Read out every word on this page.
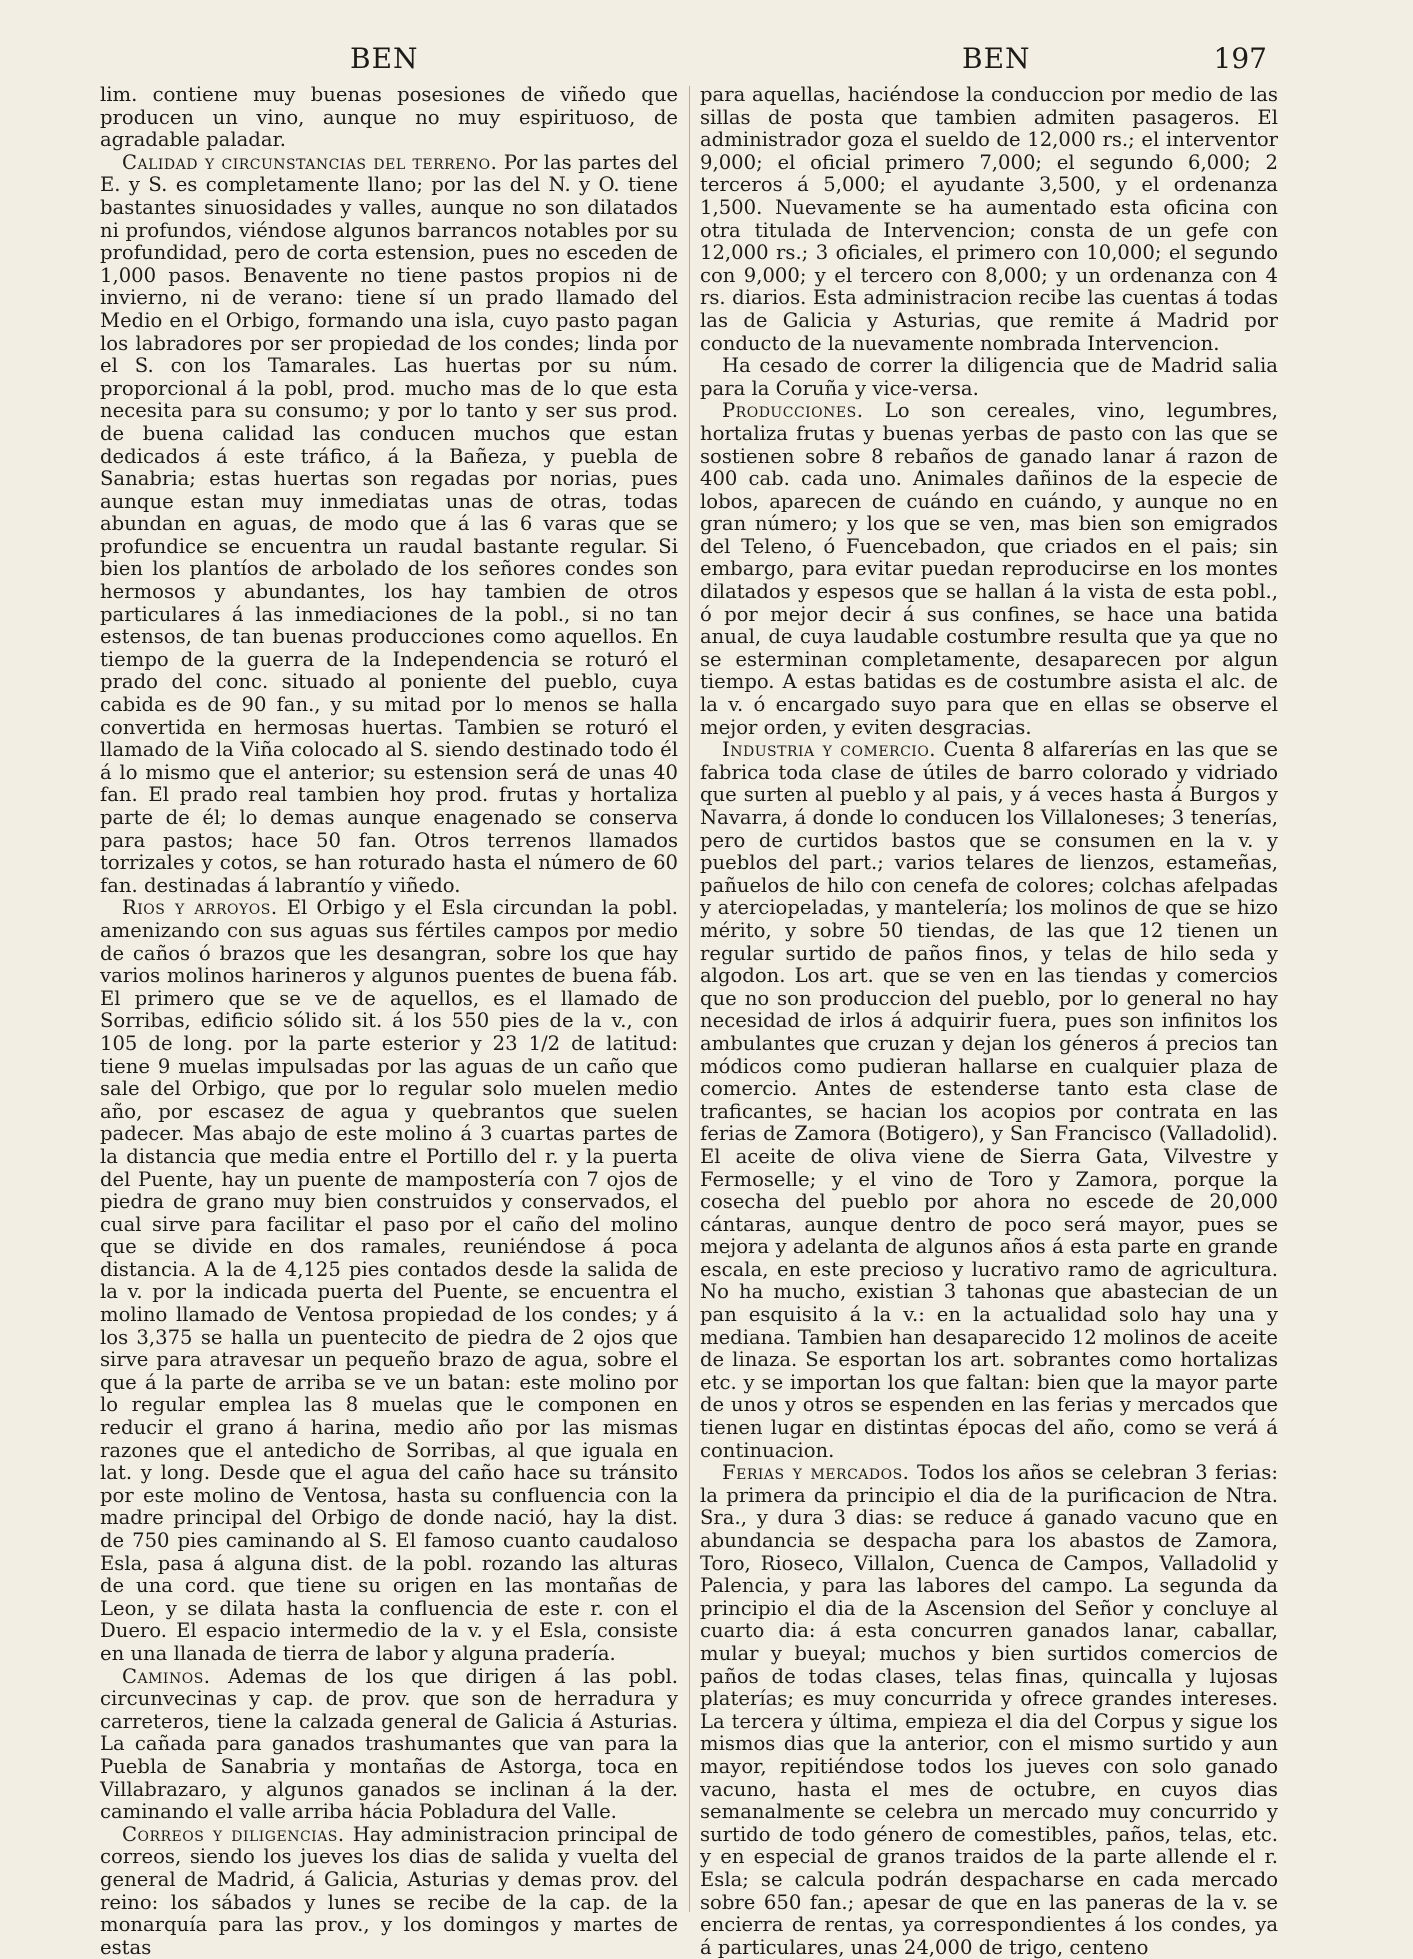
BEN	BEN	197

lim. contiene muy buenas posesiones de viñedo que producen un vino, aunque no muy espirituoso, de agradable paladar.

Calidad y circunstancias del terreno. Por las partes del E. y S. es completamente llano; por las del N. y O. tiene bastantes sinuosidades y valles, aunque no son dilatados ni profundos, viéndose algunos barrancos notables por su profundidad, pero de corta estension, pues no esceden de 1,000 pasos. Benavente no tiene pastos propios ni de invierno, ni de verano: tiene sí un prado llamado del Medio en el Orbigo, formando una isla, cuyo pasto pagan los labradores por ser propiedad de los condes; linda por el S. con los Tamarales. Las huertas por su núm. proporcional á la pobl, prod. mucho mas de lo que esta necesita para su consumo; y por lo tanto y ser sus prod. de buena calidad las conducen muchos que estan dedicados á este tráfico, á la Bañeza, y puebla de Sanabria; estas huertas son regadas por norias, pues aunque estan muy inmediatas unas de otras, todas abundan en aguas, de modo que á las 6 varas que se profundice se encuentra un raudal bastante regular. Si bien los plantíos de arbolado de los señores condes son hermosos y abundantes, los hay tambien de otros particulares á las inmediaciones de la pobl., si no tan estensos, de tan buenas producciones como aquellos. En tiempo de la guerra de la Independencia se roturó el prado del conc. situado al poniente del pueblo, cuya cabida es de 90 fan., y su mitad por lo menos se halla convertida en hermosas huertas. Tambien se roturó el llamado de la Viña colocado al S. siendo destinado todo él á lo mismo que el anterior; su estension será de unas 40 fan. El prado real tambien hoy prod. frutas y hortaliza parte de él; lo demas aunque enagenado se conserva para pastos; hace 50 fan. Otros terrenos llamados torrizales y cotos, se han roturado hasta el número de 60 fan. destinadas á labrantío y viñedo.

Rios y arroyos. El Orbigo y el Esla circundan la pobl. amenizando con sus aguas sus fértiles campos por medio de caños ó brazos que les desangran, sobre los que hay varios molinos harineros y algunos puentes de buena fáb. El primero que se ve de aquellos, es el llamado de Sorribas, edificio sólido sit. á los 550 pies de la v., con 105 de long. por la parte esterior y 23 1/2 de latitud: tiene 9 muelas impulsadas por las aguas de un caño que sale del Orbigo, que por lo regular solo muelen medio año, por escasez de agua y quebrantos que suelen padecer. Mas abajo de este molino á 3 cuartas partes de la distancia que media entre el Portillo del r. y la puerta del Puente, hay un puente de mampostería con 7 ojos de piedra de grano muy bien construidos y conservados, el cual sirve para facilitar el paso por el caño del molino que se divide en dos ramales, reuniéndose á poca distancia. A la de 4,125 pies contados desde la salida de la v. por la indicada puerta del Puente, se encuentra el molino llamado de Ventosa propiedad de los condes; y á los 3,375 se halla un puentecito de piedra de 2 ojos que sirve para atravesar un pequeño brazo de agua, sobre el que á la parte de arriba se ve un batan: este molino por lo regular emplea las 8 muelas que le componen en reducir el grano á harina, medio año por las mismas razones que el antedicho de Sorribas, al que iguala en lat. y long. Desde que el agua del caño hace su tránsito por este molino de Ventosa, hasta su confluencia con la madre principal del Orbigo de donde nació, hay la dist. de 750 pies caminando al S. El famoso cuanto caudaloso Esla, pasa á alguna dist. de la pobl. rozando las alturas de una cord. que tiene su origen en las montañas de Leon, y se dilata hasta la confluencia de este r. con el Duero. El espacio intermedio de la v. y el Esla, consiste en una llanada de tierra de labor y alguna pradería.

Caminos. Ademas de los que dirigen á las pobl. circunvecinas y cap. de prov. que son de herradura y carreteros, tiene la calzada general de Galicia á Asturias. La cañada para ganados trashumantes que van para la Puebla de Sanabria y montañas de Astorga, toca en Villabrazaro, y algunos ganados se inclinan á la der. caminando el valle arriba hácia Pobladura del Valle.

Correos y diligencias. Hay administracion principal de correos, siendo los jueves los dias de salida y vuelta del general de Madrid, á Galicia, Asturias y demas prov. del reino: los sábados y lunes se recibe de la cap. de la monarquía para las prov., y los domingos y martes de estas

para aquellas, haciéndose la conduccion por medio de las sillas de posta que tambien admiten pasageros. El administrador goza el sueldo de 12,000 rs.; el interventor 9,000; el oficial primero 7,000; el segundo 6,000; 2 terceros á 5,000; el ayudante 3,500, y el ordenanza 1,500. Nuevamente se ha aumentado esta oficina con otra titulada de Intervencion; consta de un gefe con 12,000 rs.; 3 oficiales, el primero con 10,000; el segundo con 9,000; y el tercero con 8,000; y un ordenanza con 4 rs. diarios. Esta administracion recibe las cuentas á todas las de Galicia y Asturias, que remite á Madrid por conducto de la nuevamente nombrada Intervencion.

Ha cesado de correr la diligencia que de Madrid salia para la Coruña y vice-versa.

Producciones. Lo son cereales, vino, legumbres, hortaliza frutas y buenas yerbas de pasto con las que se sostienen sobre 8 rebaños de ganado lanar á razon de 400 cab. cada uno. Animales dañinos de la especie de lobos, aparecen de cuándo en cuándo, y aunque no en gran número; y los que se ven, mas bien son emigrados del Teleno, ó Fuencebadon, que criados en el pais; sin embargo, para evitar puedan reproducirse en los montes dilatados y espesos que se hallan á la vista de esta pobl., ó por mejor decir á sus confines, se hace una batida anual, de cuya laudable costumbre resulta que ya que no se esterminan completamente, desaparecen por algun tiempo. A estas batidas es de costumbre asista el alc. de la v. ó encargado suyo para que en ellas se observe el mejor orden, y eviten desgracias.

Industria y comercio. Cuenta 8 alfarerías en las que se fabrica toda clase de útiles de barro colorado y vidriado que surten al pueblo y al pais, y á veces hasta á Burgos y Navarra, á donde lo conducen los Villaloneses; 3 tenerías, pero de curtidos bastos que se consumen en la v. y pueblos del part.; varios telares de lienzos, estameñas, pañuelos de hilo con cenefa de colores; colchas afelpadas y aterciopeladas, y mantelería; los molinos de que se hizo mérito, y sobre 50 tiendas, de las que 12 tienen un regular surtido de paños finos, y telas de hilo seda y algodon. Los art. que se ven en las tiendas y comercios que no son produccion del pueblo, por lo general no hay necesidad de irlos á adquirir fuera, pues son infinitos los ambulantes que cruzan y dejan los géneros á precios tan módicos como pudieran hallarse en cualquier plaza de comercio. Antes de estenderse tanto esta clase de traficantes, se hacian los acopios por contrata en las ferias de Zamora (Botigero), y San Francisco (Valladolid). El aceite de oliva viene de Sierra Gata, Vilvestre y Fermoselle; y el vino de Toro y Zamora, porque la cosecha del pueblo por ahora no escede de 20,000 cántaras, aunque dentro de poco será mayor, pues se mejora y adelanta de algunos años á esta parte en grande escala, en este precioso y lucrativo ramo de agricultura. No ha mucho, existian 3 tahonas que abastecian de un pan esquisito á la v.: en la actualidad solo hay una y mediana. Tambien han desaparecido 12 molinos de aceite de linaza. Se esportan los art. sobrantes como hortalizas etc. y se importan los que faltan: bien que la mayor parte de unos y otros se espenden en las ferias y mercados que tienen lugar en distintas épocas del año, como se verá á continuacion.

Ferias y mercados. Todos los años se celebran 3 ferias: la primera da principio el dia de la purificacion de Ntra. Sra., y dura 3 dias: se reduce á ganado vacuno que en abundancia se despacha para los abastos de Zamora, Toro, Rioseco, Villalon, Cuenca de Campos, Valladolid y Palencia, y para las labores del campo. La segunda da principio el dia de la Ascension del Señor y concluye al cuarto dia: á esta concurren ganados lanar, caballar, mular y bueyal; muchos y bien surtidos comercios de paños de todas clases, telas finas, quincalla y lujosas platerías; es muy concurrida y ofrece grandes intereses. La tercera y última, empieza el dia del Corpus y sigue los mismos dias que la anterior, con el mismo surtido y aun mayor, repitiéndose todos los jueves con solo ganado vacuno, hasta el mes de octubre, en cuyos dias semanalmente se celebra un mercado muy concurrido y surtido de todo género de comestibles, paños, telas, etc. y en especial de granos traidos de la parte allende el r. Esla; se calcula podrán despacharse en cada mercado sobre 650 fan.; apesar de que en las paneras de la v. se encierra de rentas, ya correspondientes á los condes, ya á particulares, unas 24,000 de trigo, centeno
